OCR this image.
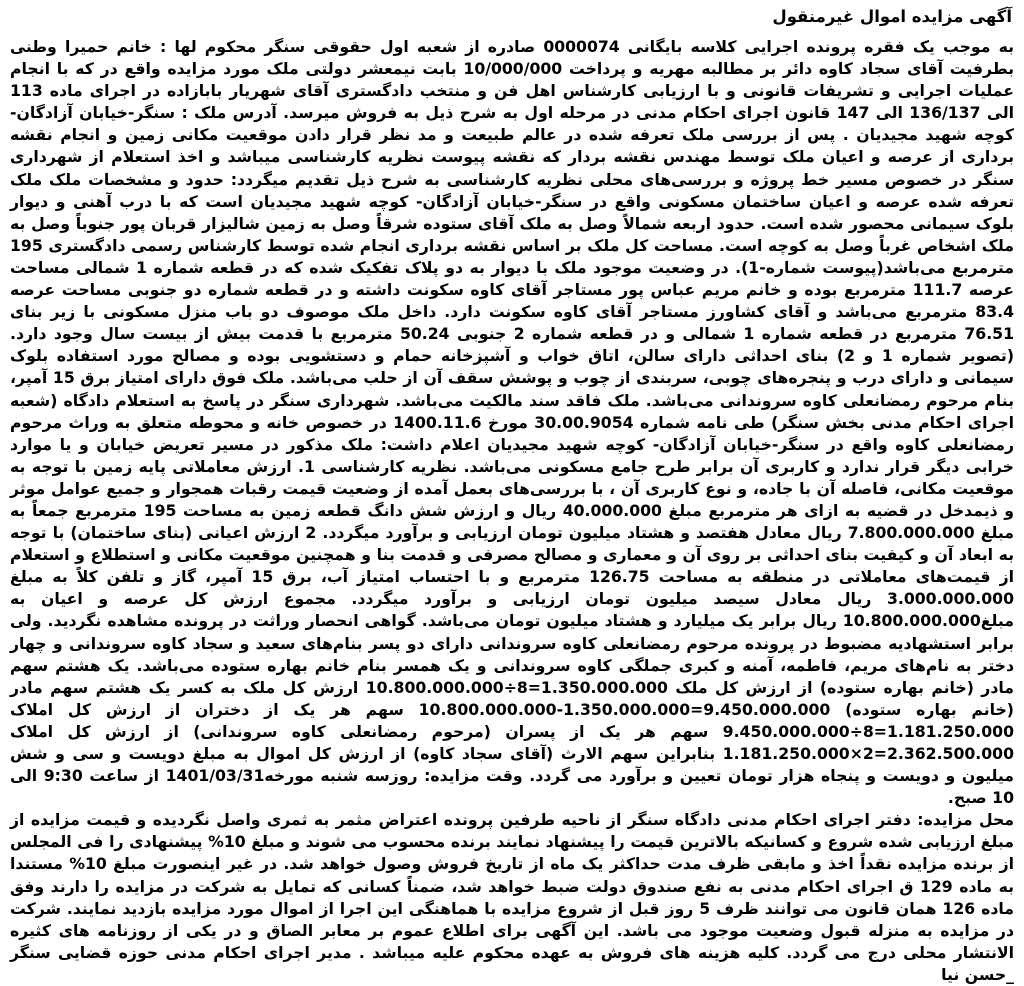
آگهی مزایده اموال غیرمنقول

به موجب یک فقره پرونده اجرایی کلاسه بایگانی 0000074 صادره از شعبه اول حقوقی سنگر محکوم لها : خانم حمیرا وطنی بطرفیت آقای سجاد کاوه دائر بر مطالبه مهریه و پرداخت 10/000/000 بابت نیمعشر دولتی ملک مورد مزایده واقع در که با انجام عملیات اجرایی و تشریفات قانونی و با ارزیابی کارشناس اهل فن و منتخب دادگستری آقای شهریار بابازاده در اجرای ماده 113 الی 136/137 الی 147 قانون اجرای احکام مدنی در مرحله اول به شرح ذیل به فروش میرسد. آدرس ملک : سنگر-خیابان آزادگان- کوچه شهید مجیدیان . پس از بررسی ملک تعرفه شده در عالم طبیعت و مد نظر قرار دادن موقعیت مکانی زمین و انجام نقشه برداری از عرصه و اعیان ملک توسط مهندس نقشه بردار که نقشه پیوست نظریه کارشناسی میباشد و اخذ استعلام از شهرداری سنگر در خصوص مسیر خط پروژه و بررسی‌های محلی نظریه کارشناسی به شرح ذیل تقدیم میگردد: حدود و مشخصات ملک ملک تعرفه شده عرصه و اعیان ساختمان مسکونی واقع در سنگر-خیابان آزادگان- کوچه شهید مجیدیان است که با درب آهنی و دیوار بلوک سیمانی محصور شده است. حدود اربعه شمالاً وصل به ملک آقای ستوده شرقاً وصل به زمین شالیزار قربان پور جنوباً وصل به ملک اشخاص غرباً وصل به کوچه است. مساحت کل ملک بر اساس نقشه برداری انجام شده توسط کارشناس رسمی دادگستری 195 مترمربع می‌باشد(پیوست شماره-1). در وضعیت موجود ملک با دیوار به دو پلاک تفکیک شده که در قطعه شماره 1 شمالی مساحت عرصه 111.7 مترمربع بوده و خانم مریم عباس پور مستاجر آقای کاوه سکونت داشته و در قطعه شماره دو جنوبی مساحت عرصه 83.4 مترمربع می‌باشد و آقای کشاورز مستاجر آقای کاوه سکونت دارد. داخل ملک موصوف دو باب منزل مسکونی با زیر بنای 76.51 مترمربع در قطعه شماره 1 شمالی و در قطعه شماره 2 جنوبی 50.24 مترمربع با قدمت بیش از بیست سال وجود دارد. (تصویر شماره 1 و 2) بنای احداثی دارای سالن، اتاق خواب و آشپزخانه حمام و دستشویی بوده و مصالح مورد استفاده بلوک سیمانی و دارای درب و پنجره‌های چوبی، سربندی از چوب و پوشش سقف آن از حلب می‌باشد. ملک فوق دارای امتیاز برق 15 آمپر، بنام مرحوم رمضانعلی کاوه سروندانی می‌باشد. ملک فاقد سند مالکیت می‌باشد. شهرداری سنگر در پاسخ به استعلام دادگاه (شعبه اجرای احکام مدنی بخش سنگر) طی نامه شماره 30.00.9054 مورخ 1400.11.6 در خصوص خانه و محوطه متعلق به وراث مرحوم رمضانعلی کاوه واقع در سنگر-خیابان آزادگان- کوچه شهید مجیدیان اعلام داشت: ملک مذکور در مسیر تعریض خیابان و یا موارد خرابی دیگر قرار ندارد و کاربری آن برابر طرح جامع مسکونی می‌باشد. نظریه کارشناسی 1. ارزش معاملاتی پایه زمین با توجه به موقعیت مکانی، فاصله آن با جاده، و نوع کاربری آن ، با بررسی‌های بعمل آمده از وضعیت قیمت رقبات همجوار و جمیع عوامل موثر و ذیمدخل در قضیه به ازای هر مترمربع مبلغ 40.000.000 ریال و ارزش شش دانگ قطعه زمین به مساحت 195 مترمربع جمعاً به مبلغ 7.800.000.000 ریال معادل هفتصد و هشتاد میلیون تومان ارزیابی و برآورد میگردد. 2 ارزش اعیانی (بنای ساختمان) با توجه به ابعاد آن و کیفیت بنای احداثی بر روی آن و معماری و مصالح مصرفی و قدمت بنا و همچنین موقعیت مکانی و استطلاع و استعلام از قیمت‌های معاملاتی در منطقه به مساحت 126.75 مترمربع و با احتساب امتیاز آب، برق 15 آمپر، گاز و تلفن کلاً به مبلغ 3.000.000.000 ریال معادل سیصد میلیون تومان ارزیابی و برآورد میگردد. مجموع ارزش کل عرصه و اعیان به مبلغ10.800.000.000 ریال برابر یک میلیارد و هشتاد میلیون تومان می‌باشد. گواهی انحصار وراثت در پرونده مشاهده نگردید. ولی برابر استشهادیه مضبوط در پرونده مرحوم رمضانعلی کاوه سروندانی دارای دو پسر بنام‌های سعید و سجاد کاوه سروندانی و چهار دختر به نام‌های مریم، فاطمه، آمنه و کبری جملگی کاوه سروندانی و یک همسر بنام خانم بهاره ستوده می‌باشد. یک هشتم سهم مادر (خانم بهاره ستوده) از ارزش کل ملک 1.350.000.000=8÷10.800.000.000 ارزش کل ملک به کسر یک هشتم سهم مادر (خانم بهاره ستوده) 9.450.000.000=1.350.000.000-10.800.000.000 سهم هر یک از دختران از ارزش کل املاک 1.181.250.000=8÷9.450.000.000 سهم هر یک از پسران (مرحوم رمضانعلی کاوه سروندانی) از ارزش کل املاک 2.362.500.000=2×1.181.250.000 بنابراین سهم الارث (آقای سجاد کاوه) از ارزش کل اموال به مبلغ دویست و سی و شش میلیون و دویست و پنجاه هزار تومان تعیین و برآورد می گردد. وقت مزایده: روزسه شنبه مورخه1401/03/31 از ساعت 9:30 الی 10 صبح.

محل مزایده: دفتر اجرای احکام مدنی دادگاه سنگر از ناحیه طرفین پرونده اعتراض مثمر به ثمری واصل نگردیده و قیمت مزایده از مبلغ ارزیابی شده شروع و کسانیکه بالاترین قیمت را پیشنهاد نمایند برنده محسوب می شوند و مبلغ 10% پیشنهادی را فی المجلس از برنده مزایده نقداً اخذ و مابقی ظرف مدت حداکثر یک ماه از تاریخ فروش وصول خواهد شد. در غیر اینصورت مبلغ 10% مستندا به ماده 129 ق اجرای احکام مدنی به نفع صندوق دولت ضبط خواهد شد، ضمناً کسانی که تمایل به شرکت در مزایده را دارند وفق ماده 126 همان قانون می توانند ظرف 5 روز قبل از شروع مزایده با هماهنگی این اجرا از اموال مورد مزایده بازدید نمایند. شرکت در مزایده به منزله قبول وضعیت موجود می باشد. این آگهی برای اطلاع عموم بر معابر الصاق و در یکی از روزنامه های کثیره الانتشار محلی درج می گردد. کلیه هزینه های فروش به عهده محکوم علیه میباشد . مدیر اجرای احکام مدنی حوزه قضایی سنگر _حسن نیا
